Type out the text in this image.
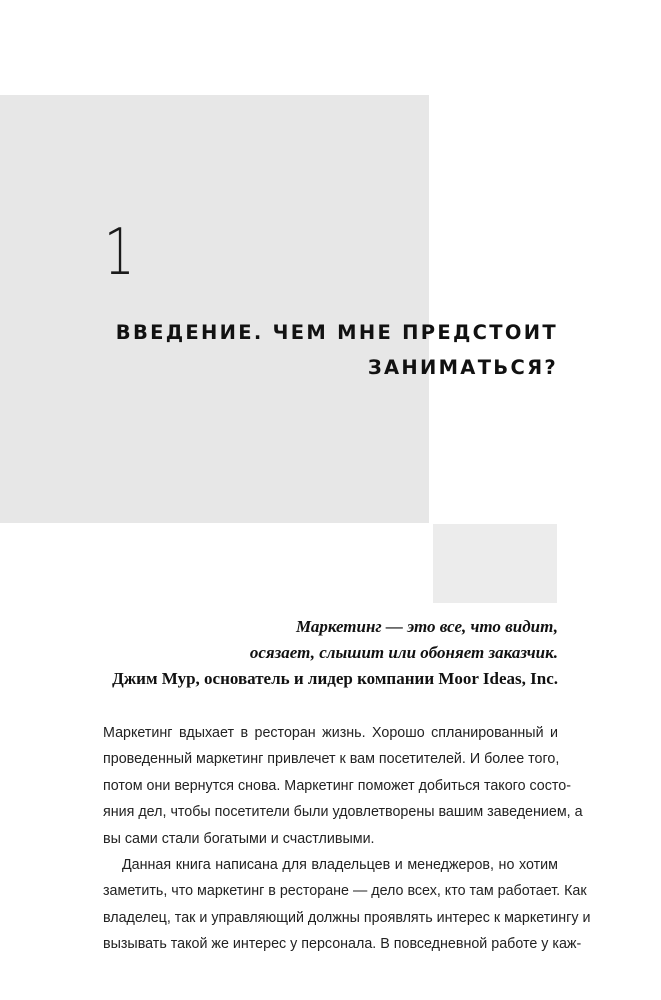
1
ВВЕДЕНИЕ. ЧЕМ МНЕ ПРЕДСТОИТ
ЗАНИМАТЬСЯ?
Маркетинг — это все, что видит,
осязает, слышит или обоняет заказчик.
Джим Мур, основатель и лидер компании Moor Ideas, Inc.
Маркетинг вдыхает в ресторан жизнь. Хорошо спланированный и
проведенный маркетинг привлечет к вам посетителей. И более того,
потом они вернутся снова. Маркетинг поможет добиться такого состо-
яния дел, чтобы посетители были удовлетворены вашим заведением, а
вы сами стали богатыми и счастливыми.
Данная книга написана для владельцев и менеджеров, но хотим
заметить, что маркетинг в ресторане — дело всех, кто там работает. Как
владелец, так и управляющий должны проявлять интерес к маркетингу и
вызывать такой же интерес у персонала. В повседневной работе у каж-
